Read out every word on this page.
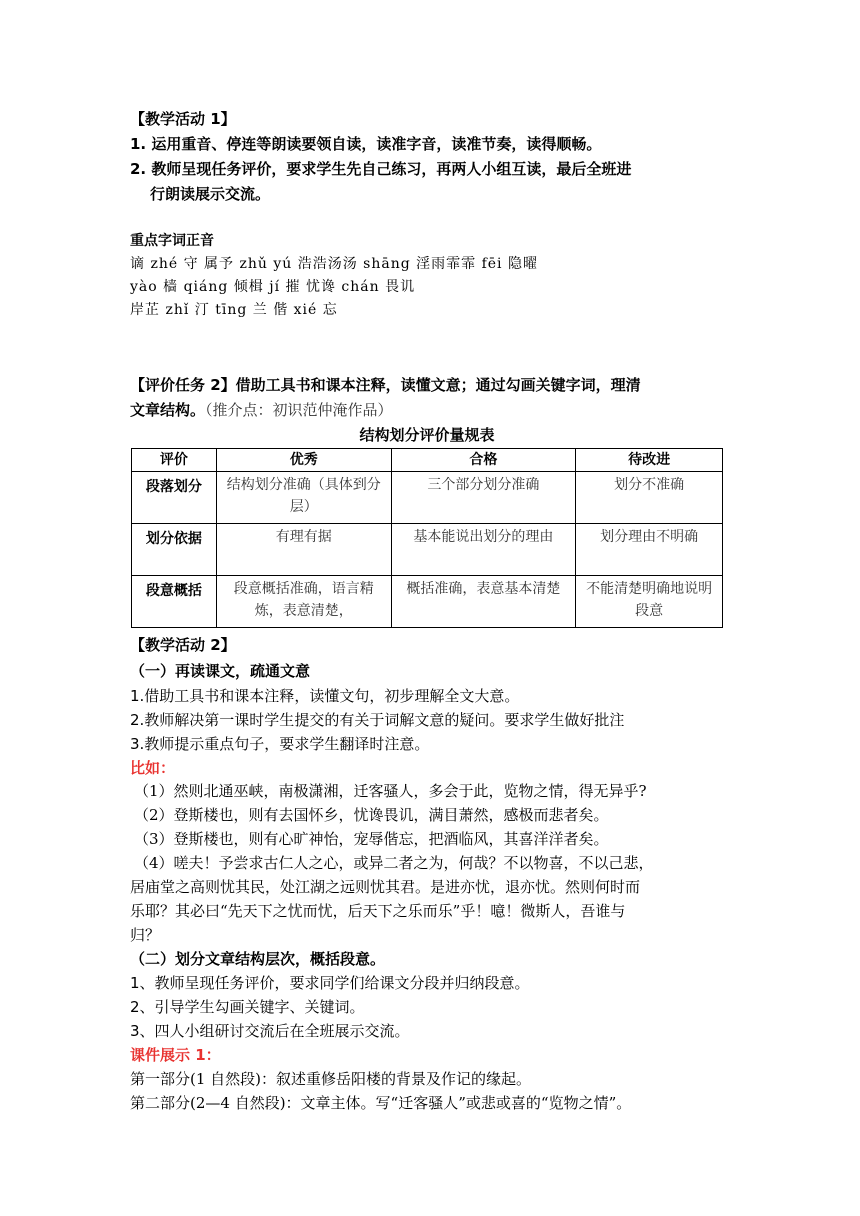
【教学活动 1】
1. 运用重音、停连等朗读要领自读，读准字音，读准节奏，读得顺畅。
2. 教师呈现任务评价，要求学生先自己练习，再两人小组互读，最后全班进
行朗读展示交流。
重点字词正音
谪 zhé 守 属予 zhǔ yú 浩浩汤汤 shāng 淫雨霏霏 fēi 隐曜
yào 樯 qiáng 倾楫 jí 摧 忧谗 chán 畏讥
岸芷 zhǐ 汀 tīng 兰 偕 xié 忘
【评价任务 2】借助工具书和课本注释，读懂文意；通过勾画关键字词，理清
文章结构。（推介点：初识范仲淹作品）
结构划分评价量规表
评价	优秀	合格	待改进
段落划分	结构划分准确（具体到分层）	三个部分划分准确	划分不准确
划分依据	有理有据	基本能说出划分的理由	划分理由不明确
段意概括	段意概括准确，语言精炼，表意清楚，	概括准确，表意基本清楚	不能清楚明确地说明段意
【教学活动 2】
（一）再读课文，疏通文意
1.借助工具书和课本注释，读懂文句，初步理解全文大意。
2.教师解决第一课时学生提交的有关于词解文意的疑问。要求学生做好批注
3.教师提示重点句子，要求学生翻译时注意。
比如：
（1）然则北通巫峡，南极潇湘，迁客骚人，多会于此，览物之情，得无异乎?
（2）登斯楼也，则有去国怀乡，忧谗畏讥，满目萧然，感极而悲者矣。
（3）登斯楼也，则有心旷神怡，宠辱偕忘，把酒临风，其喜洋洋者矣。
（4）嗟夫！予尝求古仁人之心，或异二者之为，何哉？不以物喜，不以己悲，
居庙堂之高则忧其民，处江湖之远则忧其君。是进亦忧，退亦忧。然则何时而
乐耶？其必曰“先天下之忧而忧，后天下之乐而乐”乎！噫！微斯人，吾谁与
归？
（二）划分文章结构层次，概括段意。
1、教师呈现任务评价，要求同学们给课文分段并归纳段意。
2、引导学生勾画关键字、关键词。
3、四人小组研讨交流后在全班展示交流。
课件展示 1：
第一部分(1 自然段)：叙述重修岳阳楼的背景及作记的缘起。
第二部分(2—4 自然段)：文章主体。写“迁客骚人”或悲或喜的“览物之情”。
